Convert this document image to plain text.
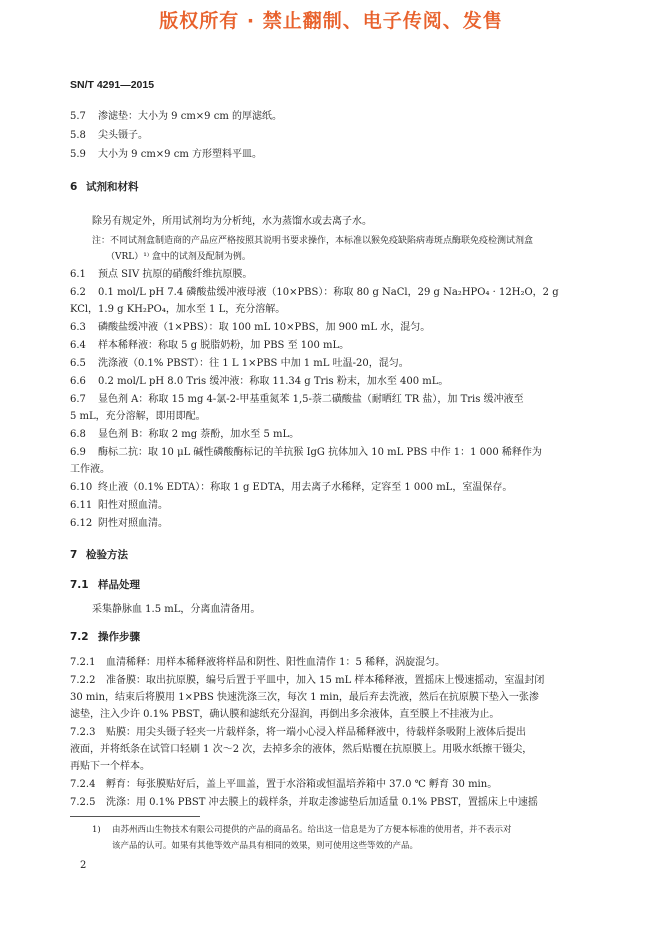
版权所有 · 禁止翻制、电子传阅、发售
SN/T 4291—2015
5.7 渗滤垫：大小为 9 cm×9 cm 的厚滤纸。
5.8 尖头镊子。
5.9 大小为 9 cm×9 cm 方形塑料平皿。
6 试剂和材料
除另有规定外，所用试剂均为分析纯，水为蒸馏水或去离子水。
注：不同试剂盒制造商的产品应严格按照其说明书要求操作，本标准以猴免疫缺陷病毒斑点酶联免疫检测试剂盒
（VRL）¹⁾ 盒中的试剂及配制为例。
6.1 预点 SIV 抗原的硝酸纤维抗原膜。
6.2 0.1 mol/L pH 7.4 磷酸盐缓冲液母液（10×PBS）：称取 80 g NaCl，29 g Na₂HPO₄ · 12H₂O，2 g
KCl，1.9 g KH₂PO₄，加水至 1 L，充分溶解。
6.3 磷酸盐缓冲液（1×PBS）：取 100 mL 10×PBS，加 900 mL 水，混匀。
6.4 样本稀释液：称取 5 g 脱脂奶粉，加 PBS 至 100 mL。
6.5 洗涤液（0.1% PBST）：往 1 L 1×PBS 中加 1 mL 吐温-20，混匀。
6.6 0.2 mol/L pH 8.0 Tris 缓冲液：称取 11.34 g Tris 粉末，加水至 400 mL。
6.7 显色剂 A：称取 15 mg 4-氯-2-甲基重氮苯 1,5-萘二磺酸盐（耐晒红 TR 盐），加 Tris 缓冲液至
5 mL，充分溶解，即用即配。
6.8 显色剂 B：称取 2 mg 萘酚，加水至 5 mL。
6.9 酶标二抗：取 10 μL 碱性磷酸酶标记的羊抗猴 IgG 抗体加入 10 mL PBS 中作 1：1 000 稀释作为
工作液。
6.10 终止液（0.1% EDTA）：称取 1 g EDTA，用去离子水稀释，定容至 1 000 mL，室温保存。
6.11 阳性对照血清。
6.12 阴性对照血清。
7 检验方法
7.1 样品处理
采集静脉血 1.5 mL，分离血清备用。
7.2 操作步骤
7.2.1 血清稀释：用样本稀释液将样品和阴性、阳性血清作 1：5 稀释，涡旋混匀。
7.2.2 准备膜：取出抗原膜，编号后置于平皿中，加入 15 mL 样本稀释液，置摇床上慢速摇动，室温封闭
30 min，结束后将膜用 1×PBS 快速洗涤三次，每次 1 min，最后弃去洗液，然后在抗原膜下垫入一张渗
滤垫，注入少许 0.1% PBST，确认膜和滤纸充分湿润，再倒出多余液体，直至膜上不挂液为止。
7.2.3 贴膜：用尖头镊子轻夹一片载样条，将一端小心浸入样品稀释液中，待载样条吸附上液体后提出
液面，并将纸条在试管口轻刷 1 次～2 次，去掉多余的液体，然后贴覆在抗原膜上。用吸水纸擦干镊尖，
再贴下一个样本。
7.2.4 孵育：每张膜贴好后，盖上平皿盖，置于水浴箱或恒温培养箱中 37.0 ℃ 孵育 30 min。
7.2.5 洗涤：用 0.1% PBST 冲去膜上的载样条，并取走渗滤垫后加适量 0.1% PBST，置摇床上中速摇
1) 由苏州西山生物技术有限公司提供的产品的商品名。给出这一信息是为了方便本标准的使用者，并不表示对
该产品的认可。如果有其他等效产品具有相同的效果，则可使用这些等效的产品。
2
